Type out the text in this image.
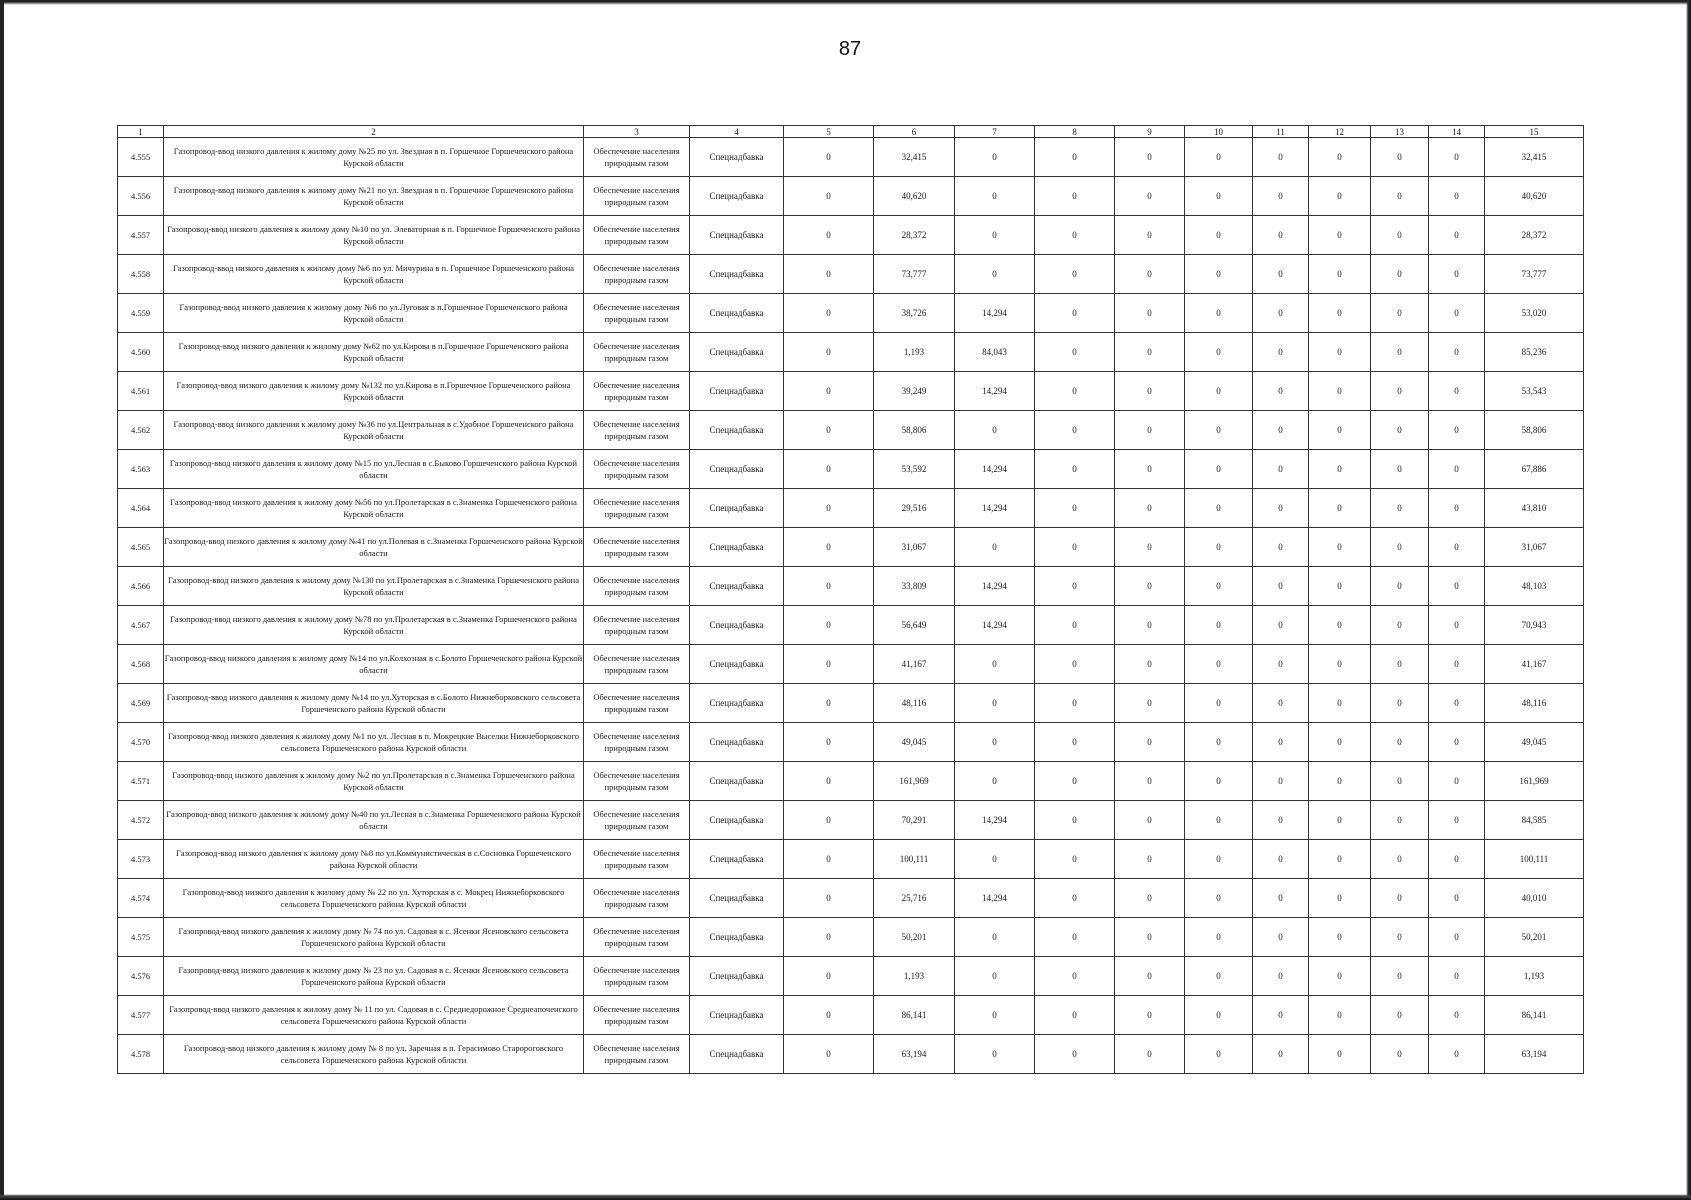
87
1	2	3	4	5	6	7	8	9	10	11	12	13	14	15
4.555	Газопровод-ввод низкого давления к жилому дому №25 по ул. Звездная в п. Горшечное Горшеченского района Курской области	Обеспечение населения природным газом	Спецнадбавка	0	32,415	0	0	0	0	0	0	0	0	32,415
4.556	Газопровод-ввод низкого давления к жилому дому №21 по ул. Звездная в п. Горшечное Горшеченского района Курской области	Обеспечение населения природным газом	Спецнадбавка	0	40,620	0	0	0	0	0	0	0	0	40,620
4.557	Газопровод-ввод низкого давления к жилому дому №10 по ул. Элеваторная в п. Горшечное Горшеченского района Курской области	Обеспечение населения природным газом	Спецнадбавка	0	28,372	0	0	0	0	0	0	0	0	28,372
4.558	Газопровод-ввод низкого давления к жилому дому №6 по ул. Мичурина в п. Горшечное Горшеченского района Курской области	Обеспечение населения природным газом	Спецнадбавка	0	73,777	0	0	0	0	0	0	0	0	73,777
4.559	Газопровод-ввод низкого давления к жилому дому №6 по ул.Луговая в п.Горшечное Горшеченского района Курской области	Обеспечение населения природным газом	Спецнадбавка	0	38,726	14,294	0	0	0	0	0	0	0	53,020
4.560	Газопровод-ввод низкого давления к жилому дому №62 по ул.Кирова в п.Горшечное Горшеченского района Курской области	Обеспечение населения природным газом	Спецнадбавка	0	1,193	84,043	0	0	0	0	0	0	0	85,236
4.561	Газопровод-ввод низкого давления к жилому дому №132 по ул.Кирова в п.Горшечное Горшеченского района Курской области	Обеспечение населения природным газом	Спецнадбавка	0	39,249	14,294	0	0	0	0	0	0	0	53,543
4.562	Газопровод-ввод низкого давления к жилому дому №36 по ул.Центральная в с.Удобное Горшеченского района Курской области	Обеспечение населения природным газом	Спецнадбавка	0	58,806	0	0	0	0	0	0	0	0	58,806
4.563	Газопровод-ввод низкого давления к жилому дому №15 по ул.Лесная в с.Быково Горшеченского района Курской области	Обеспечение населения природным газом	Спецнадбавка	0	53,592	14,294	0	0	0	0	0	0	0	67,886
4.564	Газопровод-ввод низкого давления к жилому дому №56 по ул.Пролетарская в с.Знаменка Горшеченского района Курской области	Обеспечение населения природным газом	Спецнадбавка	0	29,516	14,294	0	0	0	0	0	0	0	43,810
4.565	Газопровод-ввод низкого давления к жилому дому №41 по ул.Полевая в с.Знаменка Горшеченского района Курской области	Обеспечение населения природным газом	Спецнадбавка	0	31,067	0	0	0	0	0	0	0	0	31,067
4.566	Газопровод-ввод низкого давления к жилому дому №130 по ул.Пролетарская в с.Знаменка Горшеченского района Курской области	Обеспечение населения природным газом	Спецнадбавка	0	33,809	14,294	0	0	0	0	0	0	0	48,103
4.567	Газопровод-ввод низкого давления к жилому дому №78 по ул.Пролетарская в с.Знаменка Горшеченского района Курской области	Обеспечение населения природным газом	Спецнадбавка	0	56,649	14,294	0	0	0	0	0	0	0	70,943
4.568	Газопровод-ввод низкого давления к жилому дому №14 по ул.Колхозная в с.Болото Горшеченского района Курской области	Обеспечение населения природным газом	Спецнадбавка	0	41,167	0	0	0	0	0	0	0	0	41,167
4.569	Газопровод-ввод низкого давления к жилому дому №14 по ул.Хуторская в с.Болото Нижнеборковского сельсовета Горшеченского района Курской области	Обеспечение населения природным газом	Спецнадбавка	0	48,116	0	0	0	0	0	0	0	0	48,116
4.570	Газопровод-ввод низкого давления к жилому дому №1 по ул. Лесная в п. Мокрецкие Выселки Нижнеборковского сельсовета Горшеченского района Курской области	Обеспечение населения природным газом	Спецнадбавка	0	49,045	0	0	0	0	0	0	0	0	49,045
4.571	Газопровод-ввод низкого давления к жилому дому №2 по ул.Пролетарская в с.Знаменка Горшеченского района Курской области	Обеспечение населения природным газом	Спецнадбавка	0	161,969	0	0	0	0	0	0	0	0	161,969
4.572	Газопровод-ввод низкого давления к жилому дому №40 по ул.Лесная в с.Знаменка Горшеченского района Курской области	Обеспечение населения природным газом	Спецнадбавка	0	70,291	14,294	0	0	0	0	0	0	0	84,585
4.573	Газопровод-ввод низкого давления к жилому дому №8 по ул.Коммунистическая в с.Сосновка Горшеченского района Курской области	Обеспечение населения природным газом	Спецнадбавка	0	100,111	0	0	0	0	0	0	0	0	100,111
4.574	Газопровод-ввод низкого давления к жилому дому № 22 по ул. Хуторская в с. Мокрец Нижнеборковского сельсовета Горшеченского района Курской области	Обеспечение населения природным газом	Спецнадбавка	0	25,716	14,294	0	0	0	0	0	0	0	40,010
4.575	Газопровод-ввод низкого давления к жилому дому № 74 по ул. Садовая в с. Ясенки Ясеновского сельсовета Горшеченского района Курской области	Обеспечение населения природным газом	Спецнадбавка	0	50,201	0	0	0	0	0	0	0	0	50,201
4.576	Газопровод-ввод низкого давления к жилому дому № 23 по ул. Садовая в с. Ясенки Ясеновского сельсовета Горшеченского района Курской области	Обеспечение населения природным газом	Спецнадбавка	0	1,193	0	0	0	0	0	0	0	0	1,193
4.577	Газопровод-ввод низкого давления к жилому дому № 11 по ул. Садовая в с. Среднедорожное Среднеапоченского сельсовета Горшеченского района Курской области	Обеспечение населения природным газом	Спецнадбавка	0	86,141	0	0	0	0	0	0	0	0	86,141
4.578	Газопровод-ввод низкого давления к жилому дому № 8 по ул. Заречная в п. Герасимово Старороговского сельсовета Горшеченского района Курской области	Обеспечение населения природным газом	Спецнадбавка	0	63,194	0	0	0	0	0	0	0	0	63,194
